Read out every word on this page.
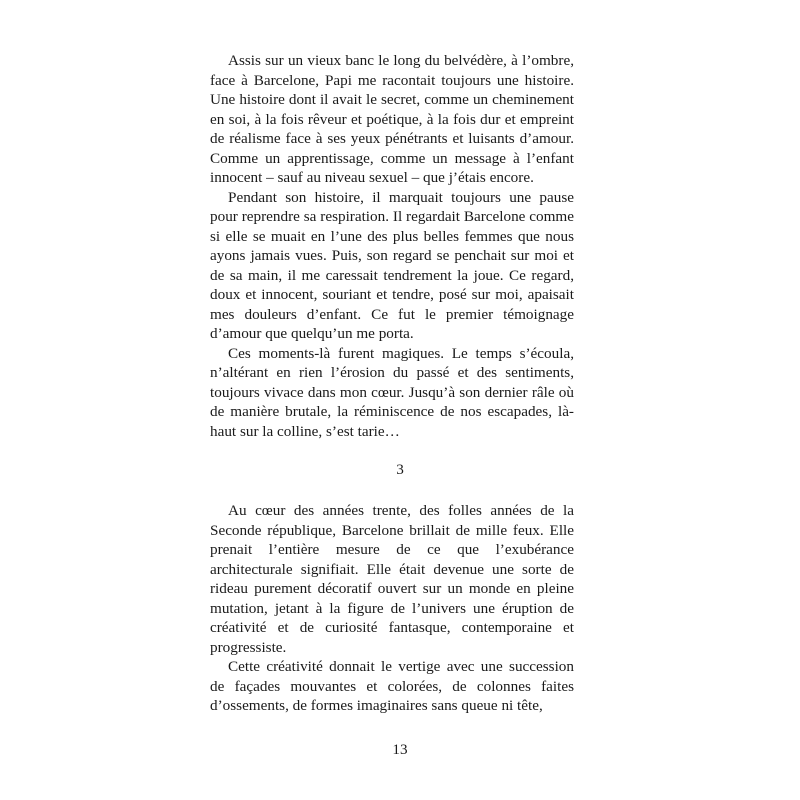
Assis sur un vieux banc le long du belvédère, à l’ombre, face à Barcelone, Papi me racontait toujours une histoire. Une histoire dont il avait le secret, comme un cheminement en soi, à la fois rêveur et poétique, à la fois dur et empreint de réalisme face à ses yeux pénétrants et luisants d’amour. Comme un apprentissage, comme un message à l’enfant innocent – sauf au niveau sexuel – que j’étais encore.

Pendant son histoire, il marquait toujours une pause pour reprendre sa respiration. Il regardait Barcelone comme si elle se muait en l’une des plus belles femmes que nous ayons jamais vues. Puis, son regard se penchait sur moi et de sa main, il me caressait tendrement la joue. Ce regard, doux et innocent, souriant et tendre, posé sur moi, apaisait mes douleurs d’enfant. Ce fut le premier témoignage d’amour que quelqu’un me porta.

Ces moments-là furent magiques. Le temps s’écoula, n’altérant en rien l’érosion du passé et des sentiments, toujours vivace dans mon cœur. Jusqu’à son dernier râle où de manière brutale, la réminiscence de nos escapades, là-haut sur la colline, s’est tarie…

3

Au cœur des années trente, des folles années de la Seconde république, Barcelone brillait de mille feux. Elle prenait l’entière mesure de ce que l’exubérance architecturale signifiait. Elle était devenue une sorte de rideau purement décoratif ouvert sur un monde en pleine mutation, jetant à la figure de l’univers une éruption de créativité et de curiosité fantasque, contemporaine et progressiste.

Cette créativité donnait le vertige avec une succession de façades mouvantes et colorées, de colonnes faites d’ossements, de formes imaginaires sans queue ni tête,

13
